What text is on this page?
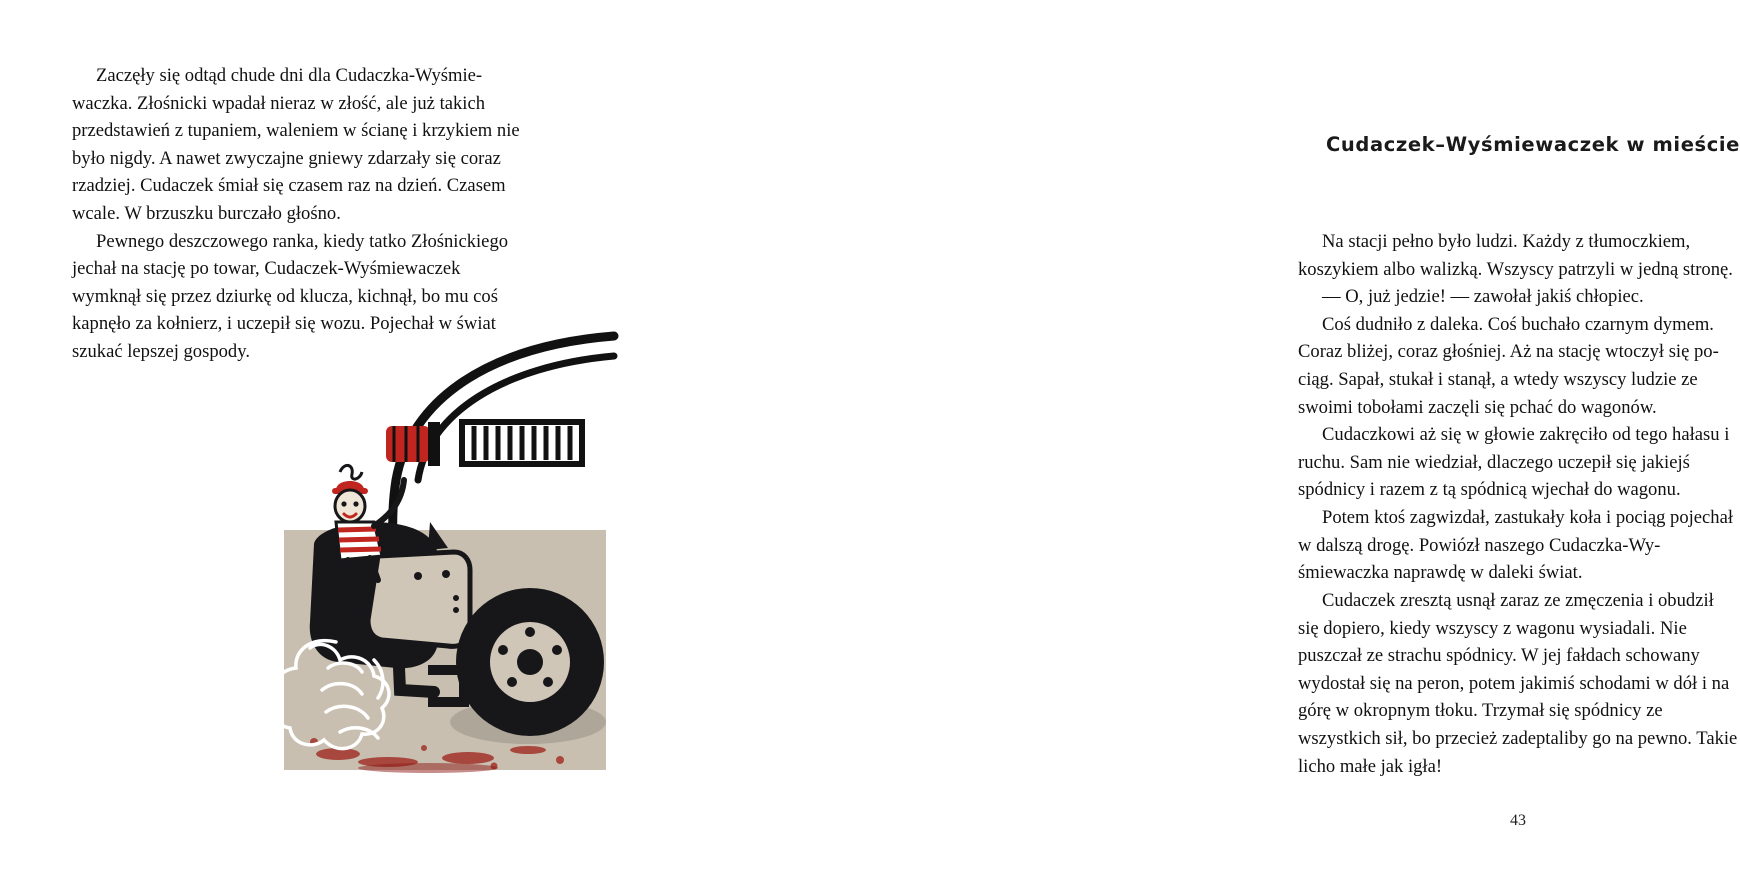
Zaczęły się odtąd chude dni dla Cudaczka-Wyśmiewaczka. Złośnicki wpadał nieraz w złość, ale już takich przedstawień z tupaniem, waleniem w ścianę i krzykiem nie było nigdy. A nawet zwyczajne gniewy zdarzały się coraz rzadziej. Cudaczek śmiał się czasem raz na dzień. Czasem wcale. W brzuszku burczało głośno.

Pewnego deszczowego ranka, kiedy tatko Złośnickiego jechał na stację po towar, Cudaczek-Wyśmiewaczek wymknął się przez dziurkę od klucza, kichnął, bo mu coś kapnęło za kołnierz, i uczepił się wozu. Pojechał w świat szukać lepszej gospody.

Cudaczek–Wyśmiewaczek w mieście

Na stacji pełno było ludzi. Każdy z tłumoczkiem, koszykiem albo walizką. Wszyscy patrzyli w jedną stronę.

— O, już jedzie! — zawołał jakiś chłopiec.

Coś dudniło z daleka. Coś buchało czarnym dymem. Coraz bliżej, coraz głośniej. Aż na stację wtoczył się pociąg. Sapał, stukał i stanął, a wtedy wszyscy ludzie ze swoimi tobołami zaczęli się pchać do wagonów.

Cudaczkowi aż się w głowie zakręciło od tego hałasu i ruchu. Sam nie wiedział, dlaczego uczepił się jakiejś spódnicy i razem z tą spódnicą wjechał do wagonu.

Potem ktoś zagwizdał, zastukały koła i pociąg pojechał w dalszą drogę. Powiózł naszego Cudaczka-Wyśmiewaczka naprawdę w daleki świat.

Cudaczek zresztą usnął zaraz ze zmęczenia i obudził się dopiero, kiedy wszyscy z wagonu wysiadali. Nie puszczał ze strachu spódnicy. W jej fałdach schowany wydostał się na peron, potem jakimiś schodami w dół i na górę w okropnym tłoku. Trzymał się spódnicy ze wszystkich sił, bo przecież zadeptaliby go na pewno. Takie licho małe jak igła!

43
